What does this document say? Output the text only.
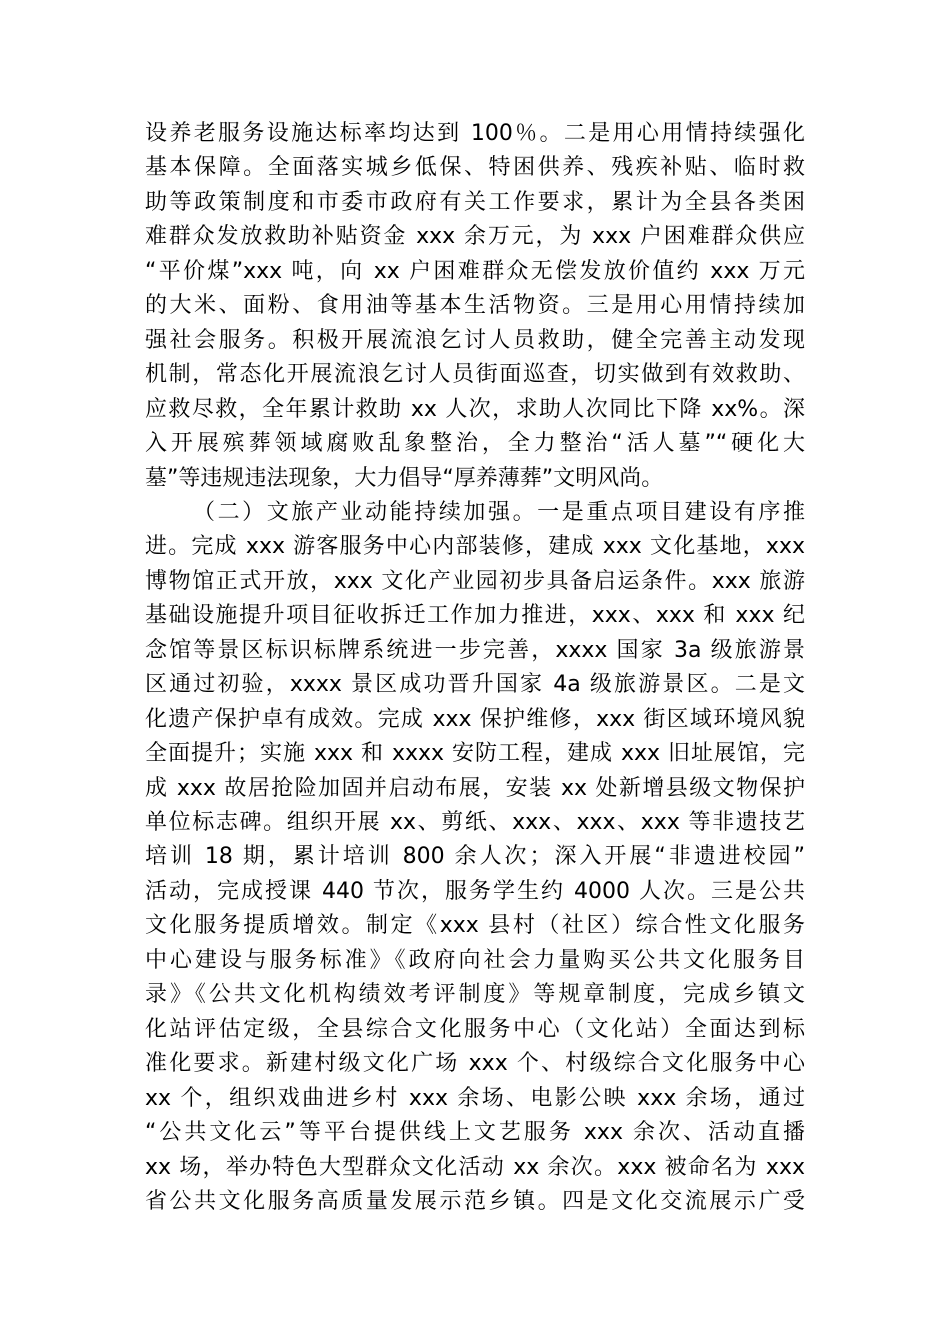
设养老服务设施达标率均达到 100％。二是用心用情持续强化
基本保障。全面落实城乡低保、特困供养、残疾补贴、临时救
助等政策制度和市委市政府有关工作要求，累计为全县各类困
难群众发放救助补贴资金 xxx 余万元，为 xxx 户困难群众供应
“平价煤”xxx 吨，向 xx 户困难群众无偿发放价值约 xxx 万元
的大米、面粉、食用油等基本生活物资。三是用心用情持续加
强社会服务。积极开展流浪乞讨人员救助，健全完善主动发现
机制，常态化开展流浪乞讨人员街面巡查，切实做到有效救助、
应救尽救，全年累计救助 xx 人次，求助人次同比下降 xx%。深
入开展殡葬领域腐败乱象整治，全力整治“活人墓”“硬化大
墓”等违规违法现象，大力倡导“厚养薄葬”文明风尚。
（二）文旅产业动能持续加强。一是重点项目建设有序推
进。完成 xxx 游客服务中心内部装修，建成 xxx 文化基地，xxx
博物馆正式开放，xxx 文化产业园初步具备启运条件。xxx 旅游
基础设施提升项目征收拆迁工作加力推进，xxx、xxx 和 xxx 纪
念馆等景区标识标牌系统进一步完善，xxxx 国家 3a 级旅游景
区通过初验，xxxx 景区成功晋升国家 4a 级旅游景区。二是文
化遗产保护卓有成效。完成 xxx 保护维修，xxx 街区域环境风貌
全面提升；实施 xxx 和 xxxx 安防工程，建成 xxx 旧址展馆，完
成 xxx 故居抢险加固并启动布展，安装 xx 处新增县级文物保护
单位标志碑。组织开展 xx、剪纸、xxx、xxx、xxx 等非遗技艺
培训 18 期，累计培训 800 余人次；深入开展“非遗进校园”
活动，完成授课 440 节次，服务学生约 4000 人次。三是公共
文化服务提质增效。制定《xxx 县村（社区）综合性文化服务
中心建设与服务标准》《政府向社会力量购买公共文化服务目
录》《公共文化机构绩效考评制度》等规章制度，完成乡镇文
化站评估定级，全县综合文化服务中心（文化站）全面达到标
准化要求。新建村级文化广场 xxx 个、村级综合文化服务中心
xx 个，组织戏曲进乡村 xxx 余场、电影公映 xxx 余场，通过
“公共文化云”等平台提供线上文艺服务 xxx 余次、活动直播
xx 场，举办特色大型群众文化活动 xx 余次。xxx 被命名为 xxx
省公共文化服务高质量发展示范乡镇。四是文化交流展示广受
